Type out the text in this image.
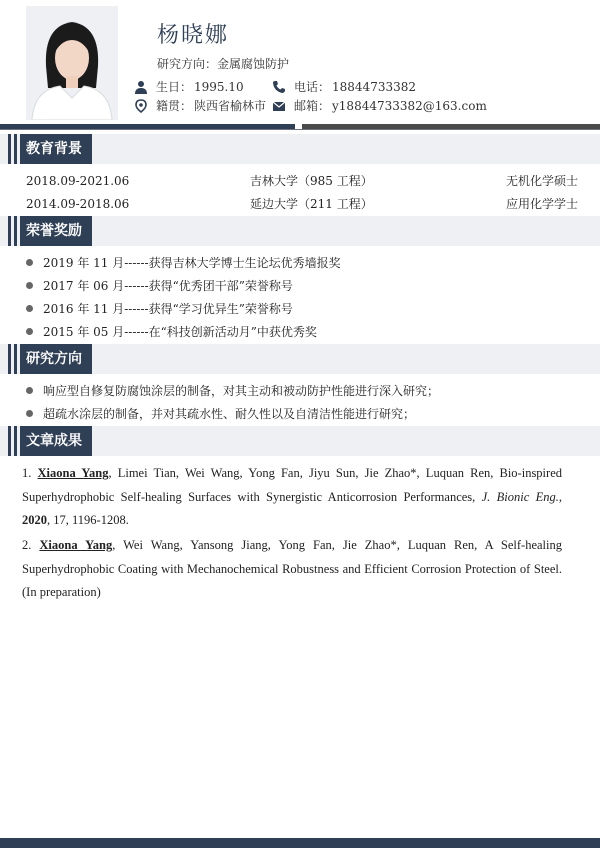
杨晓娜
研究方向：金属腐蚀防护
生日： 1995.10	电话： 18844733382
籍贯： 陕西省榆林市 邮箱： y18844733382@163.com
教育背景
2018.09-2021.06	吉林大学（985 工程）	无机化学硕士
2014.09-2018.06	延边大学（211 工程）	应用化学学士
荣誉奖励
2019 年 11 月------获得吉林大学博士生论坛优秀墙报奖
2017 年 06 月------获得“优秀团干部”荣誉称号
2016 年 11 月------获得“学习优异生”荣誉称号
2015 年 05 月------在“科技创新活动月”中获优秀奖
研究方向
响应型自修复防腐蚀涂层的制备，对其主动和被动防护性能进行深入研究；
超疏水涂层的制备，并对其疏水性、耐久性以及自清洁性能进行研究；
文章成果
1. Xiaona Yang, Limei Tian, Wei Wang, Yong Fan, Jiyu Sun, Jie Zhao*, Luquan Ren, Bio-inspired Superhydrophobic Self-healing Surfaces with Synergistic Anticorrosion Performances, J. Bionic Eng., 2020, 17, 1196-1208.
2. Xiaona Yang, Wei Wang, Yansong Jiang, Yong Fan, Jie Zhao*, Luquan Ren, A Self-healing Superhydrophobic Coating with Mechanochemical Robustness and Efficient Corrosion Protection of Steel. (In preparation)
